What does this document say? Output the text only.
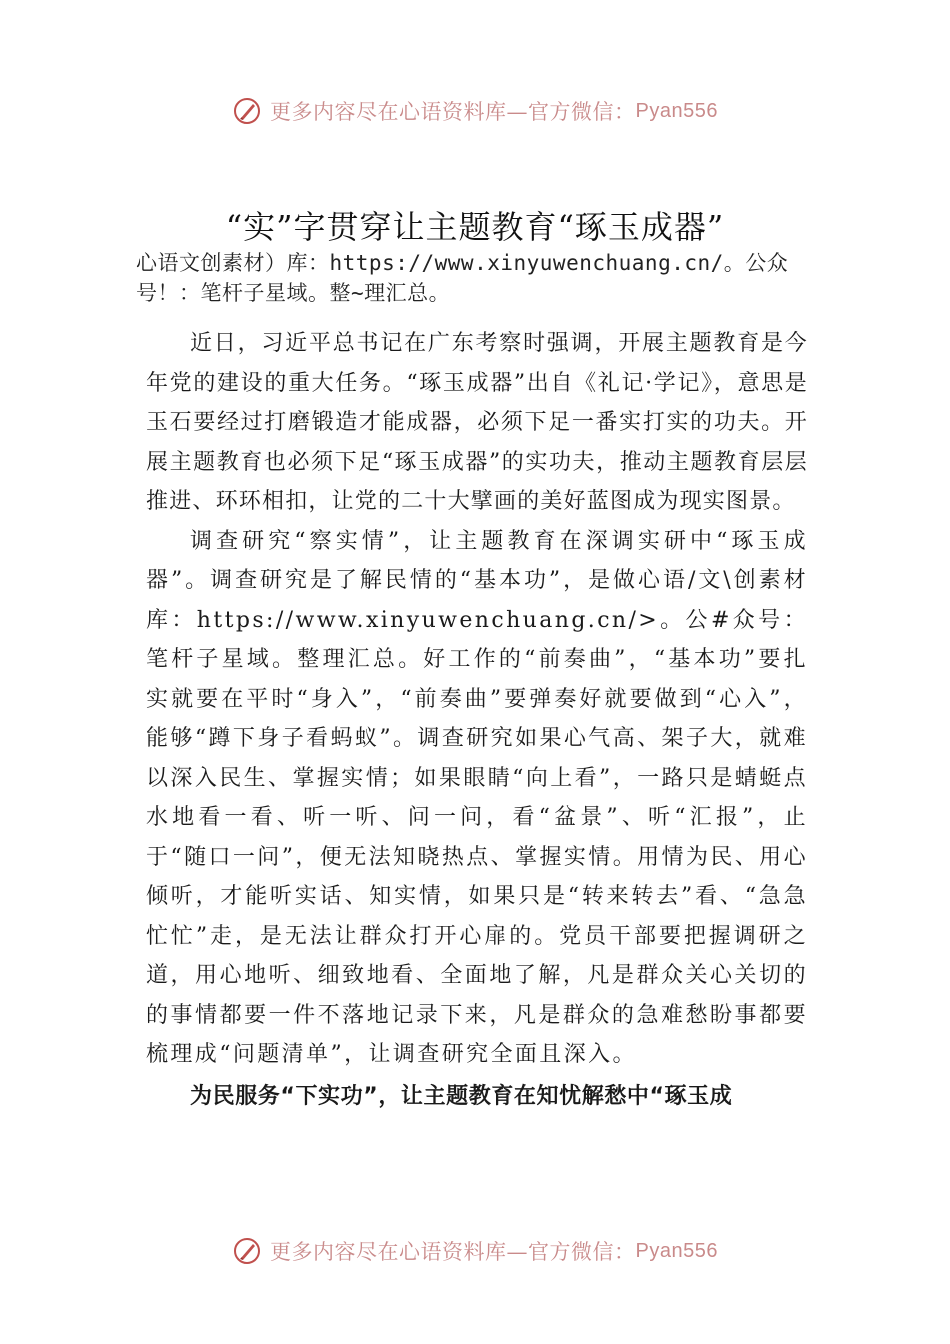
更多内容尽在心语资料库—官方微信： Pyan556
“实”字贯穿让主题教育“琢玉成器”
心语文创素材）库：https://www.xinyuwenchuang.cn/。公众号！：笔杆子星域。整~理汇总。

近日，习近平总书记在广东考察时强调，开展主题教育是今年党的建设的重大任务。“琢玉成器”出自《礼记·学记》，意思是玉石要经过打磨锻造才能成器，必须下足一番实打实的功夫。开展主题教育也必须下足“琢玉成器”的实功夫，推动主题教育层层推进、环环相扣，让党的二十大擘画的美好蓝图成为现实图景。

调查研究“察实情”，让主题教育在深调实研中“琢玉成器”。调查研究是了解民情的“基本功”，是做心语/文\创素材库：https://www.xinyuwenchuang.cn/>。公#众号：笔杆子星域。整理汇总。好工作的“前奏曲”，“基本功”要扎实就要在平时“身入”，“前奏曲”要弹奏好就要做到“心入”，能够“蹲下身子看蚂蚁”。调查研究如果心气高、架子大，就难以深入民生、掌握实情；如果眼睛“向上看”，一路只是蜻蜓点水地看一看、听一听、问一问，看“盆景”、听“汇报”，止于“随口一问”，便无法知晓热点、掌握实情。用情为民、用心倾听，才能听实话、知实情，如果只是“转来转去”看、“急急忙忙”走，是无法让群众打开心扉的。党员干部要把握调研之道，用心地听、细致地看、全面地了解，凡是群众关心关切的的事情都要一件不落地记录下来，凡是群众的急难愁盼事都要梳理成“问题清单”，让调查研究全面且深入。

为民服务“下实功”，让主题教育在知忧解愁中“琢玉成

更多内容尽在心语资料库—官方微信： Pyan556
